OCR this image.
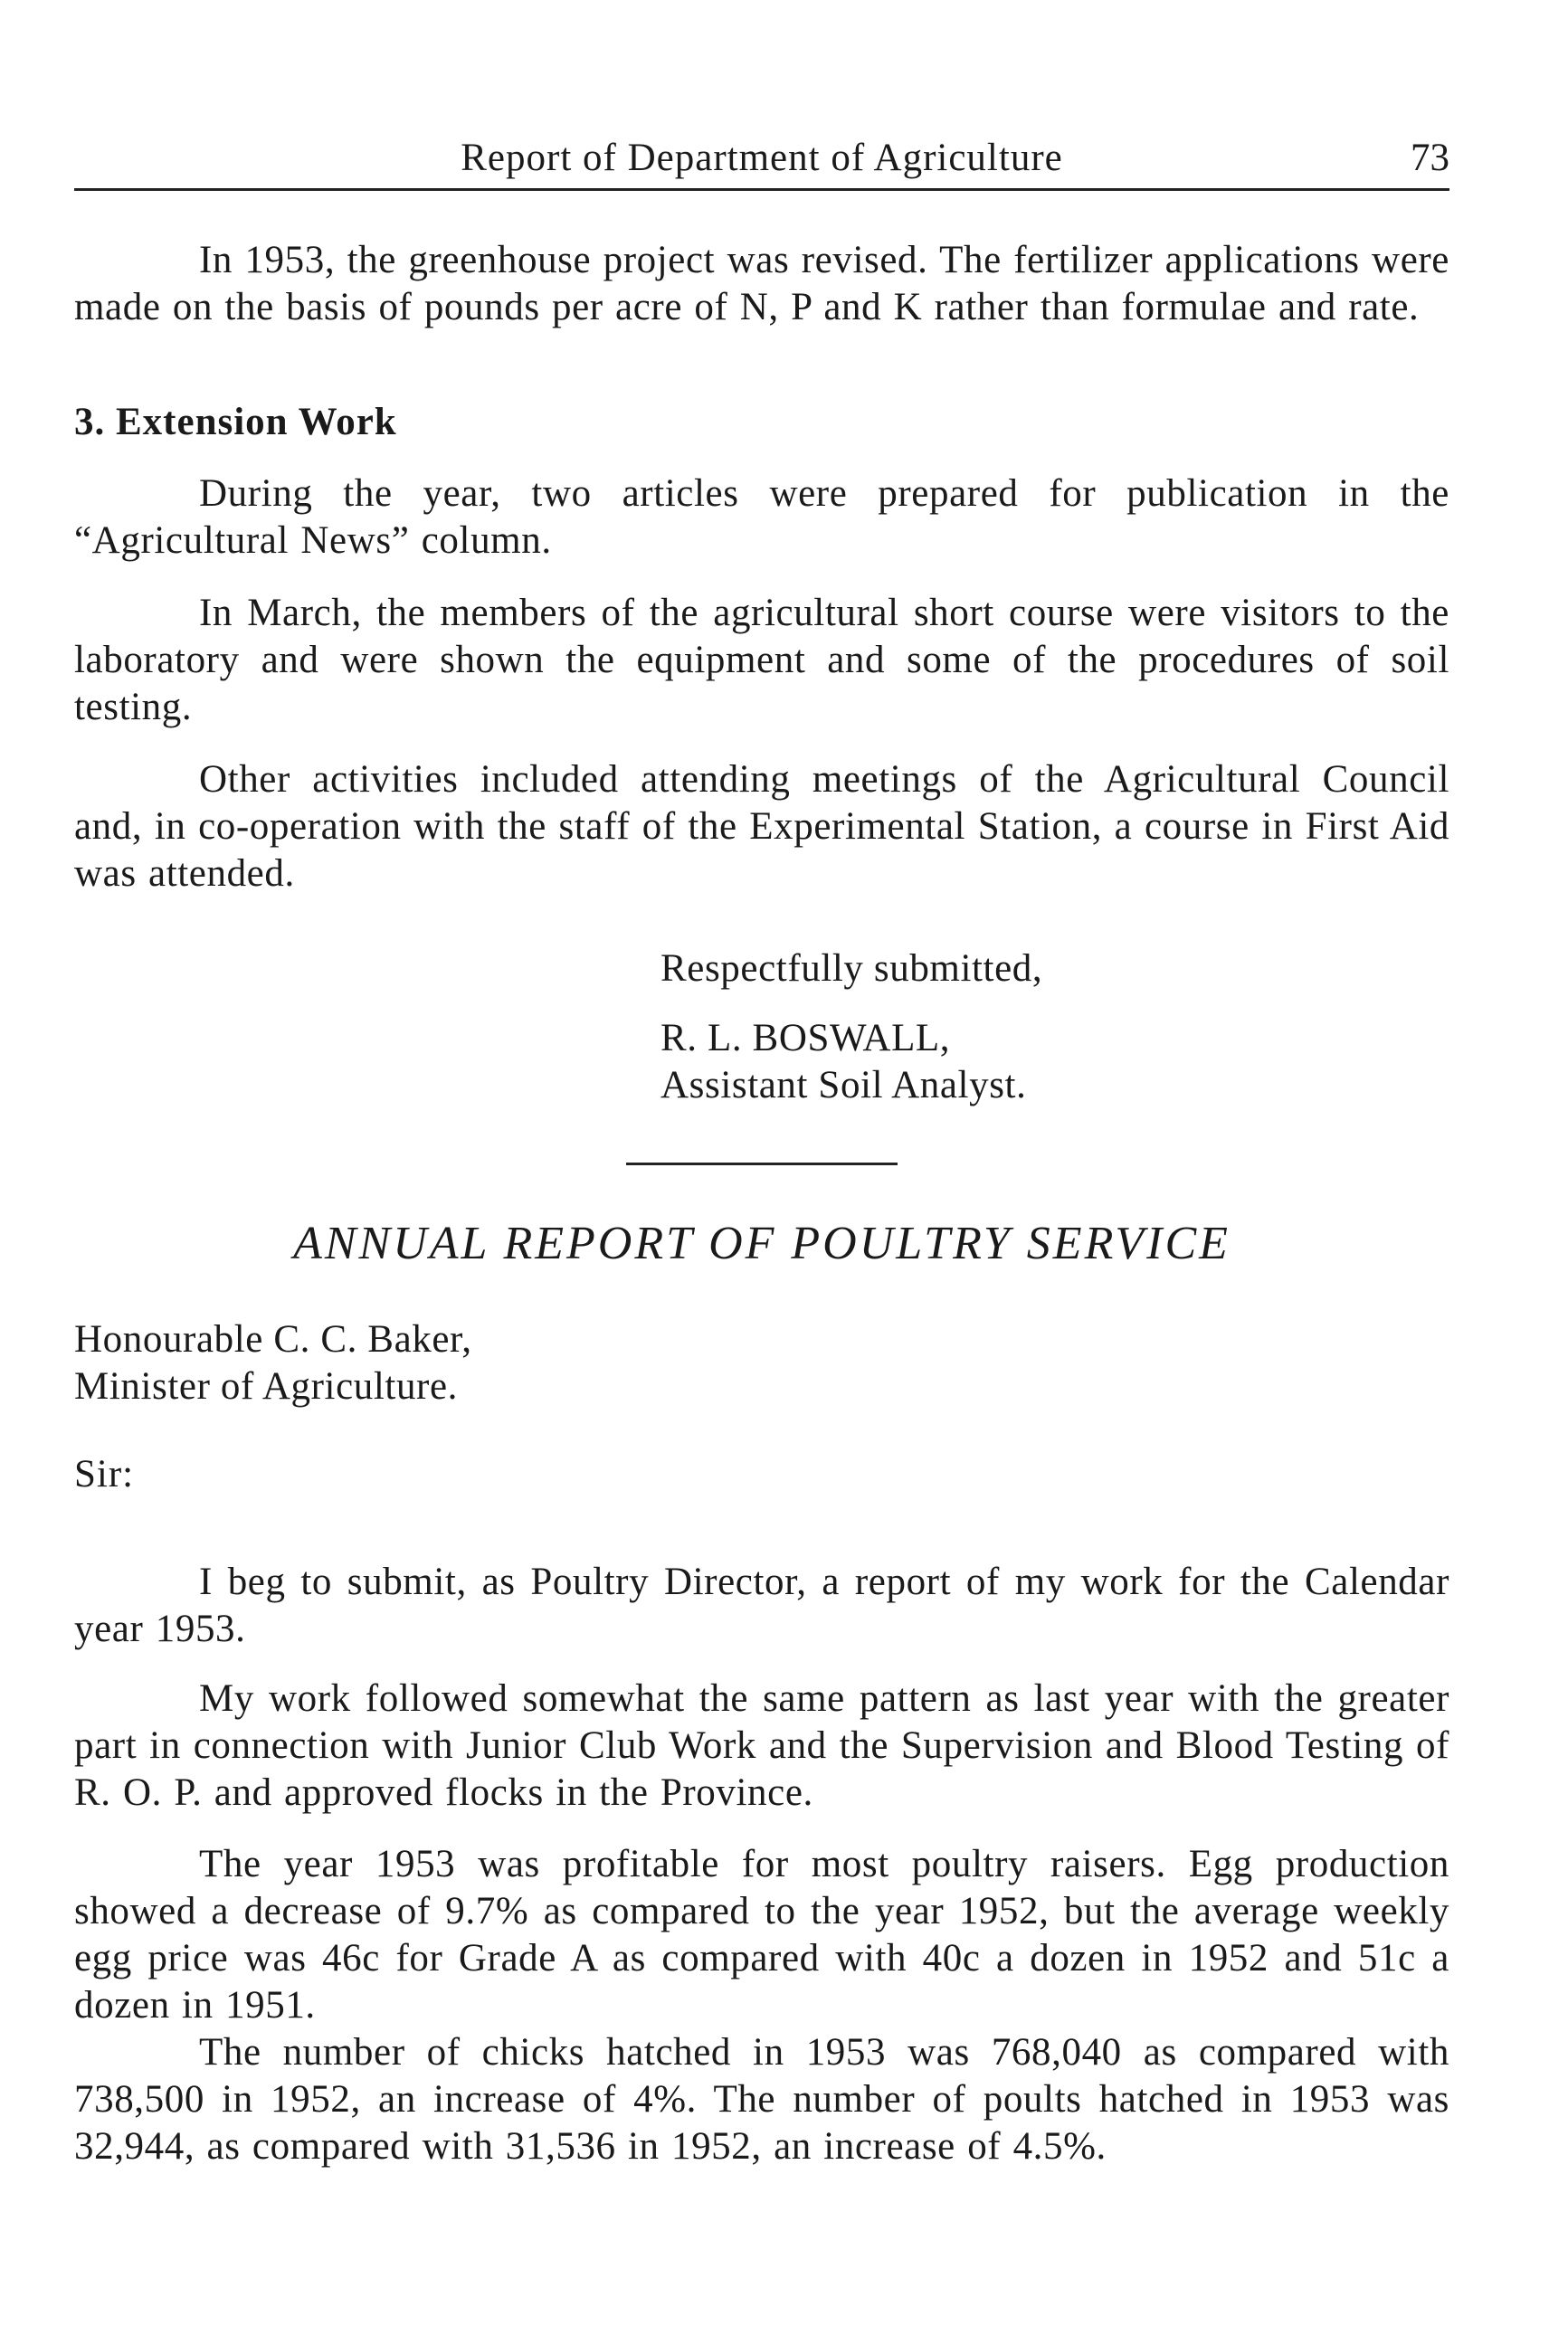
Report of Department of Agriculture	73

In 1953, the greenhouse project was revised. The fertilizer applications were made on the basis of pounds per acre of N, P and K rather than formulae and rate.

3. Extension Work

During the year, two articles were prepared for publication in the “Agricultural News” column.

In March, the members of the agricultural short course were visitors to the laboratory and were shown the equipment and some of the procedures of soil testing.

Other activities included attending meetings of the Agricultural Council and, in co-operation with the staff of the Experimental Station, a course in First Aid was attended.

Respectfully submitted,
R. L. BOSWALL,
Assistant Soil Analyst.
ANNUAL REPORT OF POULTRY SERVICE
Honourable C. C. Baker,
Minister of Agriculture.
Sir:

I beg to submit, as Poultry Director, a report of my work for the Calendar year 1953.

My work followed somewhat the same pattern as last year with the greater part in connection with Junior Club Work and the Supervision and Blood Testing of R. O. P. and approved flocks in the Province.

The year 1953 was profitable for most poultry raisers. Egg production showed a decrease of 9.7% as compared to the year 1952, but the average weekly egg price was 46c for Grade A as compared with 40c a dozen in 1952 and 51c a dozen in 1951.

The number of chicks hatched in 1953 was 768,040 as compared with 738,500 in 1952, an increase of 4%. The number of poults hatched in 1953 was 32,944, as compared with 31,536 in 1952, an increase of 4.5%.
